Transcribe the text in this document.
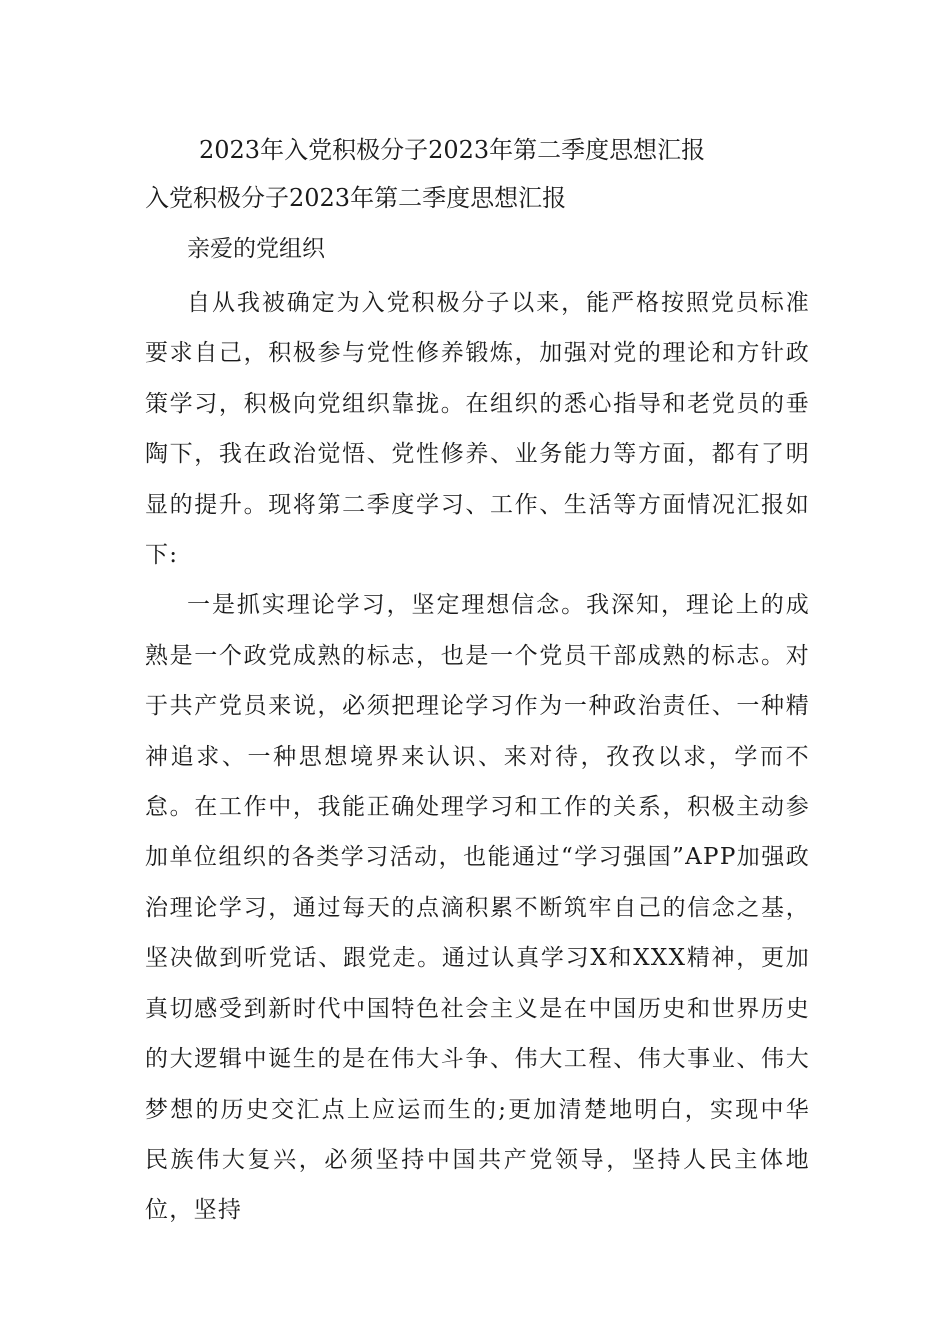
2023年入党积极分子2023年第二季度思想汇报
入党积极分子2023年第二季度思想汇报

亲爱的党组织

自从我被确定为入党积极分子以来，能严格按照党员标准要求自己，积极参与党性修养锻炼，加强对党的理论和方针政策学习，积极向党组织靠拢。在组织的悉心指导和老党员的垂陶下，我在政治觉悟、党性修养、业务能力等方面，都有了明显的提升。现将第二季度学习、工作、生活等方面情况汇报如下:

一是抓实理论学习，坚定理想信念。我深知，理论上的成熟是一个政党成熟的标志，也是一个党员干部成熟的标志。对于共产党员来说，必须把理论学习作为一种政治责任、一种精神追求、一种思想境界来认识、来对待，孜孜以求，学而不怠。在工作中，我能正确处理学习和工作的关系，积极主动参加单位组织的各类学习活动，也能通过“学习强国”APP加强政治理论学习，通过每天的点滴积累不断筑牢自己的信念之基，坚决做到听党话、跟党走。通过认真学习X和XXX精神，更加真切感受到新时代中国特色社会主义是在中国历史和世界历史的大逻辑中诞生的是在伟大斗争、伟大工程、伟大事业、伟大梦想的历史交汇点上应运而生的;更加清楚地明白，实现中华民族伟大复兴，必须坚持中国共产党领导，坚持人民主体地位，坚持
